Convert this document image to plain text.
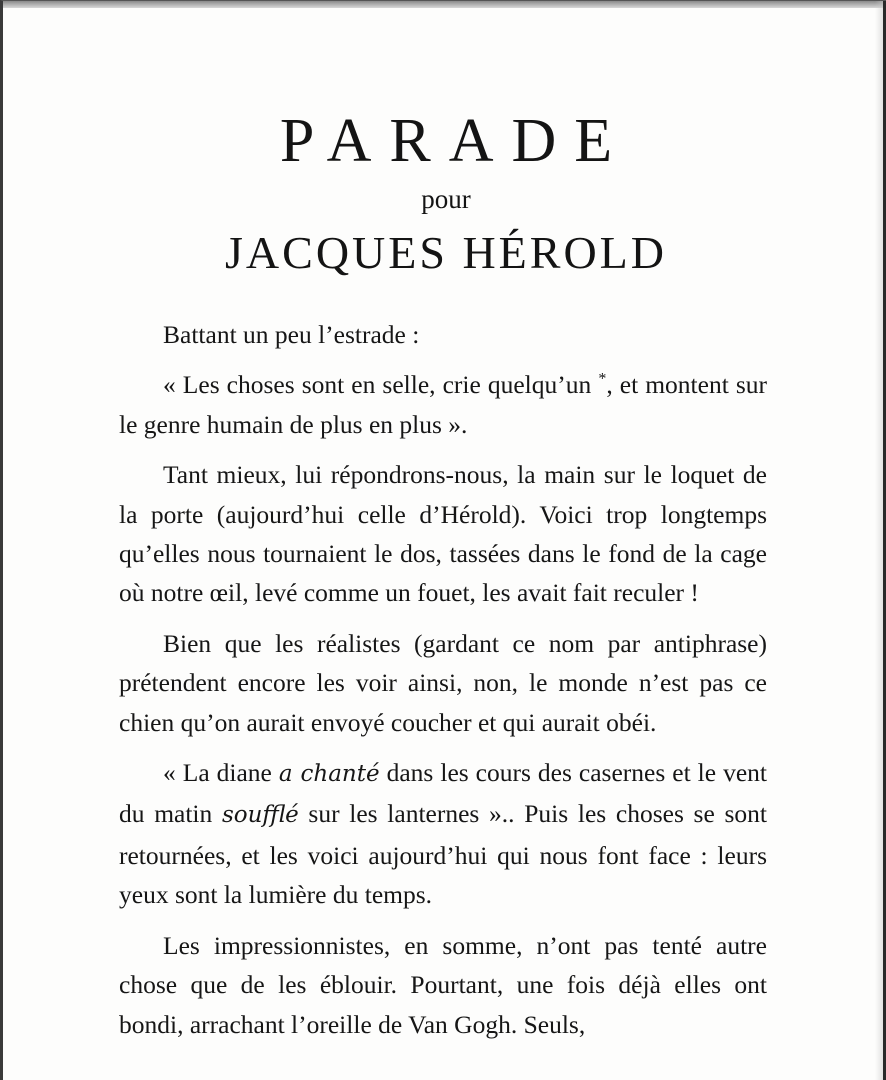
PARADE
pour
JACQUES HÉROLD

Battant un peu l’estrade :

« Les choses sont en selle, crie quelqu’un *, et montent sur le genre humain de plus en plus ».

Tant mieux, lui répondrons-nous, la main sur le loquet de la porte (aujourd’hui celle d’Hérold). Voici trop longtemps qu’elles nous tournaient le dos, tassées dans le fond de la cage où notre œil, levé comme un fouet, les avait fait reculer !

Bien que les réalistes (gardant ce nom par antiphrase) prétendent encore les voir ainsi, non, le monde n’est pas ce chien qu’on aurait envoyé coucher et qui aurait obéi.

« La diane a chanté dans les cours des casernes et le vent du matin soufflé sur les lanternes ».. Puis les choses se sont retournées, et les voici aujourd’hui qui nous font face : leurs yeux sont la lumière du temps.

Les impressionnistes, en somme, n’ont pas tenté autre chose que de les éblouir. Pourtant, une fois déjà elles ont bondi, arrachant l’oreille de Van Gogh. Seuls,
